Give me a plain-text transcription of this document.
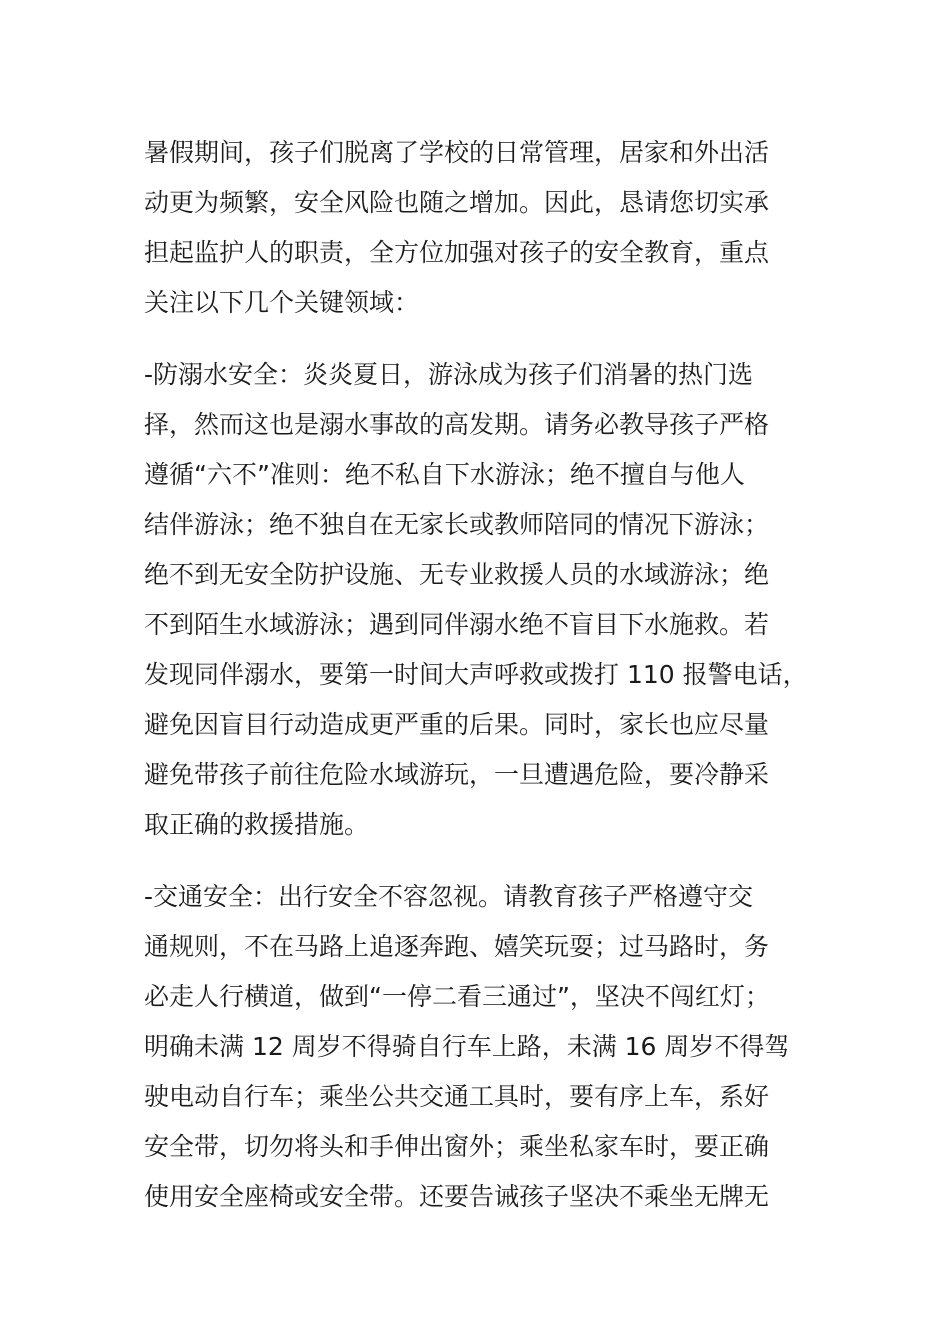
暑假期间，孩子们脱离了学校的日常管理，居家和外出活
动更为频繁，安全风险也随之增加。因此，恳请您切实承
担起监护人的职责，全方位加强对孩子的安全教育，重点
关注以下几个关键领域：

-防溺水安全：炎炎夏日，游泳成为孩子们消暑的热门选
择，然而这也是溺水事故的高发期。请务必教导孩子严格
遵循“六不”准则：绝不私自下水游泳；绝不擅自与他人
结伴游泳；绝不独自在无家长或教师陪同的情况下游泳；
绝不到无安全防护设施、无专业救援人员的水域游泳；绝
不到陌生水域游泳；遇到同伴溺水绝不盲目下水施救。若
发现同伴溺水，要第一时间大声呼救或拨打 110 报警电话，
避免因盲目行动造成更严重的后果。同时，家长也应尽量
避免带孩子前往危险水域游玩，一旦遭遇危险，要冷静采
取正确的救援措施。

-交通安全：出行安全不容忽视。请教育孩子严格遵守交
通规则，不在马路上追逐奔跑、嬉笑玩耍；过马路时，务
必走人行横道，做到“一停二看三通过”，坚决不闯红灯；
明确未满 12 周岁不得骑自行车上路，未满 16 周岁不得驾
驶电动自行车；乘坐公共交通工具时，要有序上车，系好
安全带，切勿将头和手伸出窗外；乘坐私家车时，要正确
使用安全座椅或安全带。还要告诫孩子坚决不乘坐无牌无
